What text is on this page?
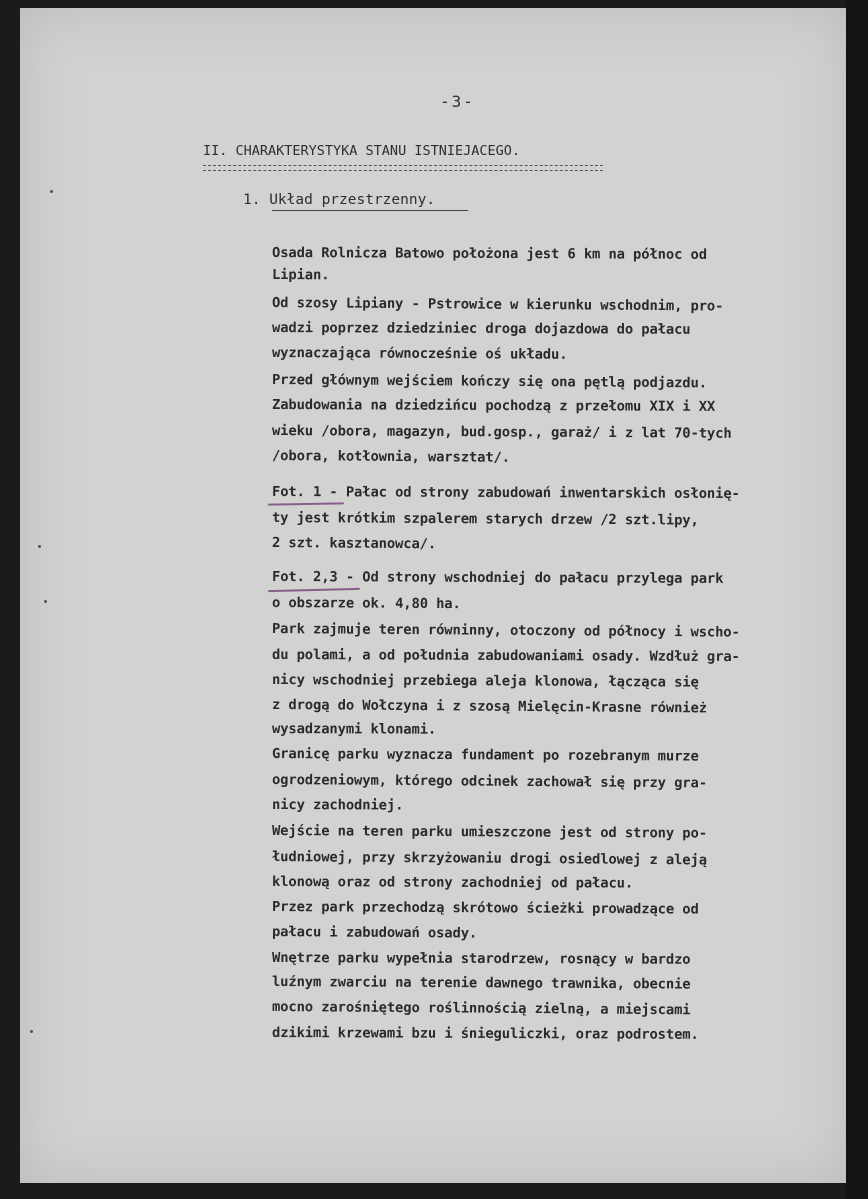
-3-
II. CHARAKTERYSTYKA STANU ISTNIEJACEGO.
1. Układ przestrzenny.
Osada Rolnicza Batowo położona jest 6 km na północ od
Lipian.
Od szosy Lipiany - Pstrowice w kierunku wschodnim, pro-
wadzi poprzez dziedziniec droga dojazdowa do pałacu
wyznaczająca równocześnie oś układu.
Przed głównym wejściem kończy się ona pętlą podjazdu.
Zabudowania na dziedzińcu pochodzą z przełomu XIX i XX
wieku /obora, magazyn, bud.gosp., garaż/ i z lat 70-tych
/obora, kotłownia, warsztat/.
Fot. 1 - Pałac od strony zabudowań inwentarskich osłonię-
ty jest krótkim szpalerem starych drzew /2 szt.lipy,
2 szt. kasztanowca/.
Fot. 2,3 - Od strony wschodniej do pałacu przylega park
o obszarze ok. 4,80 ha.
Park zajmuje teren równinny, otoczony od północy i wscho-
du polami, a od południa zabudowaniami osady. Wzdłuż gra-
nicy wschodniej przebiega aleja klonowa, łącząca się
z drogą do Wołczyna i z szosą Mielęcin-Krasne również
wysadzanymi klonami.
Granicę parku wyznacza fundament po rozebranym murze
ogrodzeniowym, którego odcinek zachował się przy gra-
nicy zachodniej.
Wejście na teren parku umieszczone jest od strony po-
łudniowej, przy skrzyżowaniu drogi osiedlowej z aleją
klonową oraz od strony zachodniej od pałacu.
Przez park przechodzą skrótowo ścieżki prowadzące od
pałacu i zabudowań osady.
Wnętrze parku wypełnia starodrzew, rosnący w bardzo
luźnym zwarciu na terenie dawnego trawnika, obecnie
mocno zarośniętego roślinnością zielną, a miejscami
dzikimi krzewami bzu i śnieguliczki, oraz podrostem.
